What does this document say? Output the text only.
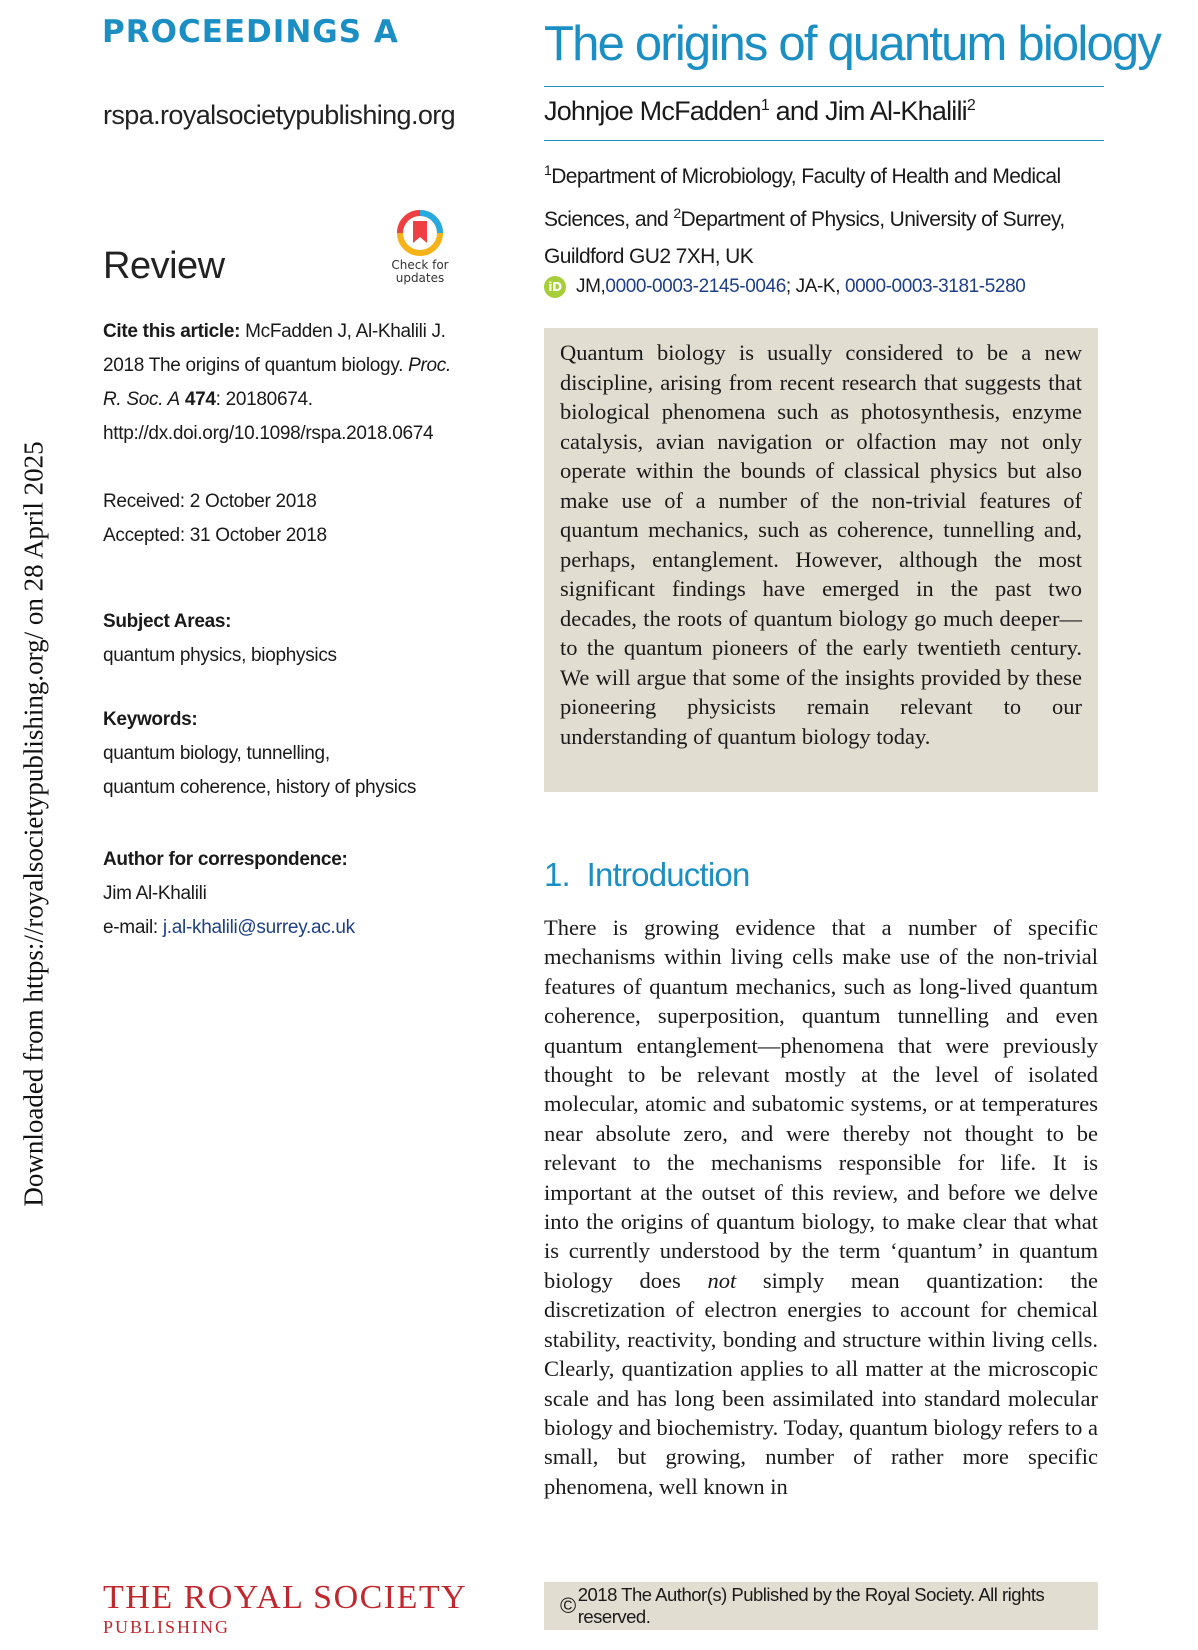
Downloaded from https://royalsocietypublishing.org/ on 28 April 2025
PROCEEDINGS A
rspa.royalsocietypublishing.org
Review	Check for
updates
Cite this article: McFadden J, Al-Khalili J. 2018 The origins of quantum biology. Proc. R. Soc. A 474: 20180674.
http://dx.doi.org/10.1098/rspa.2018.0674
Received: 2 October 2018
Accepted: 31 October 2018
Subject Areas:
quantum physics, biophysics
Keywords:
quantum biology, tunnelling,
quantum coherence, history of physics
Author for correspondence:
Jim Al-Khalili
e-mail: j.al-khalili@surrey.ac.uk
The origins of quantum biology
Johnjoe McFadden$^1$ and Jim Al-Khalili$^2$
$^1$Department of Microbiology, Faculty of Health and Medical Sciences, and $^2$Department of Physics, University of Surrey, Guildford GU2 7XH, UK
iD JM, 0000-0003-2145-0046 ; JA-K, 0000-0003-3181-5280
Quantum biology is usually considered to be a new discipline, arising from recent research that suggests that biological phenomena such as photosynthesis, enzyme catalysis, avian navigation or olfaction may not only operate within the bounds of classical physics but also make use of a number of the non-trivial features of quantum mechanics, such as coherence, tunnelling and, perhaps, entanglement. However, although the most significant findings have emerged in the past two decades, the roots of quantum biology go much deeper—to the quantum pioneers of the early twentieth century. We will argue that some of the insights provided by these pioneering physicists remain relevant to our understanding of quantum biology today.
1.  Introduction

There is growing evidence that a number of specific mechanisms within living cells make use of the non-trivial features of quantum mechanics, such as long-lived quantum coherence, superposition, quantum tunnelling and even quantum entanglement—phenomena that were previously thought to be relevant mostly at the level of isolated molecular, atomic and subatomic systems, or at temperatures near absolute zero, and were thereby not thought to be relevant to the mechanisms responsible for life. It is important at the outset of this review, and before we delve into the origins of quantum biology, to make clear that what is currently understood by the term ‘quantum’ in quantum biology does not simply mean quantization: the discretization of electron energies to account for chemical stability, reactivity, bonding and structure within living cells. Clearly, quantization applies to all matter at the microscopic scale and has long been assimilated into standard molecular biology and biochemistry. Today, quantum biology refers to a small, but growing, number of rather more specific phenomena, well known in

THE ROYAL SOCIETY
PUBLISHING
© 2018 The Author(s) Published by the Royal Society. All rights reserved.
